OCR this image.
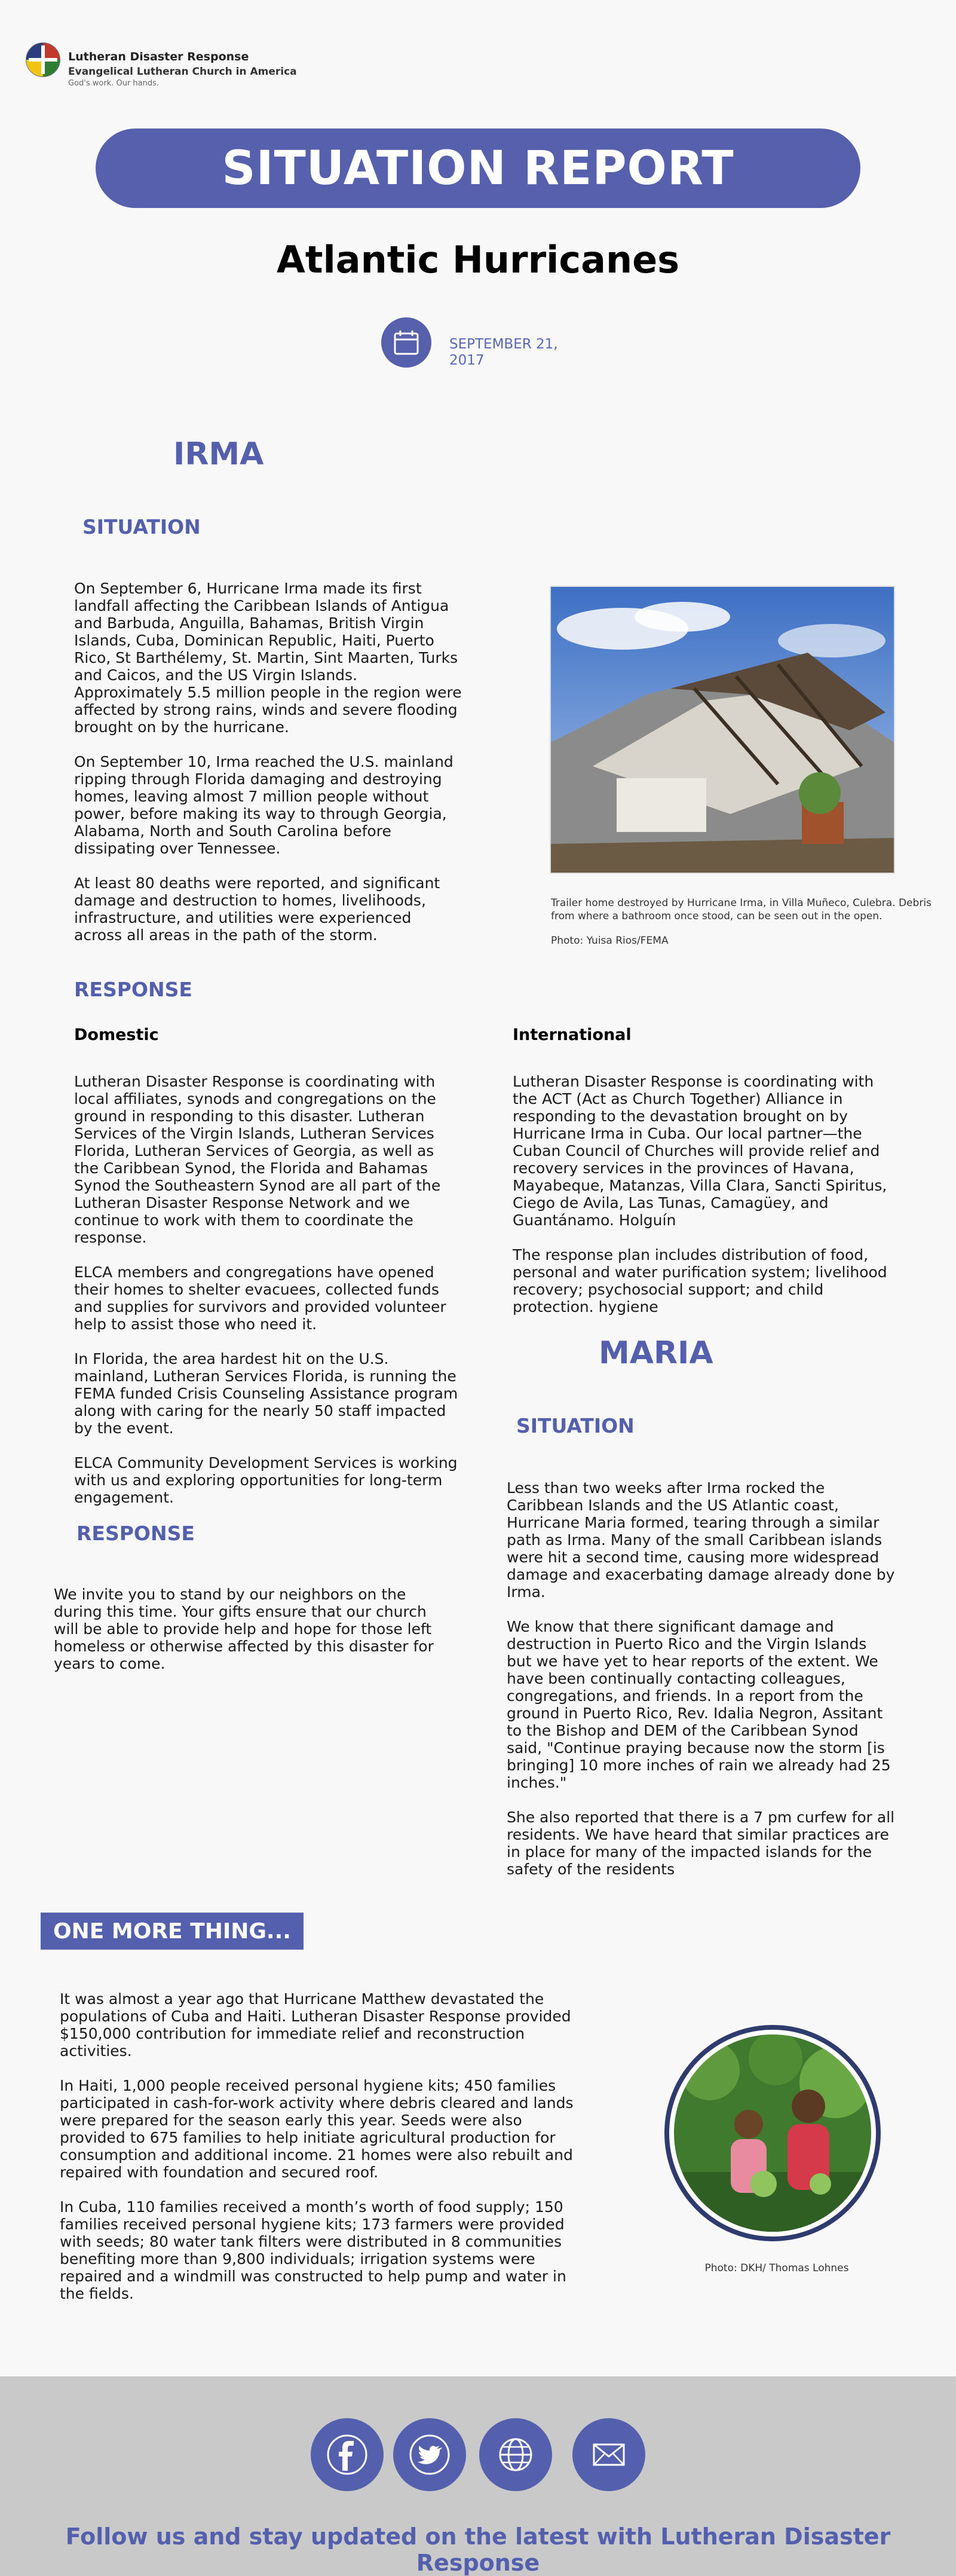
Lutheran Disaster Response
Evangelical Lutheran Church in America
God's work. Our hands.
SITUATION REPORT
Atlantic Hurricanes
SEPTEMBER 21,
2017
IRMA
SITUATION

On September 6, Hurricane Irma made its first landfall affecting the Caribbean Islands of Antigua and Barbuda, Anguilla, Bahamas, British Virgin Islands, Cuba, Dominican Republic, Haiti, Puerto Rico, St Barthélemy, St. Martin, Sint Maarten, Turks and Caicos, and the US Virgin Islands. Approximately 5.5 million people in the region were affected by strong rains, winds and severe flooding brought on by the hurricane.

On September 10, Irma reached the U.S. mainland ripping through Florida damaging and destroying homes, leaving almost 7 million people without power, before making its way to through Georgia, Alabama, North and South Carolina before dissipating over Tennessee.

At least 80 deaths were reported, and significant damage and destruction to homes, livelihoods, infrastructure, and utilities were experienced across all areas in the path of the storm.

Trailer home destroyed by Hurricane Irma, in Villa Muñeco, Culebra. Debris from where a bathroom once stood, can be seen out in the open.
Photo: Yuisa Rios/FEMA
RESPONSE
Domestic

Lutheran Disaster Response is coordinating with local affiliates, synods and congregations on the ground in responding to this disaster. Lutheran Services of the Virgin Islands, Lutheran Services Florida, Lutheran Services of Georgia, as well as the Caribbean Synod, the Florida and Bahamas Synod the Southeastern Synod are all part of the Lutheran Disaster Response Network and we continue to work with them to coordinate the response.

ELCA members and congregations have opened their homes to shelter evacuees, collected funds and supplies for survivors and provided volunteer help to assist those who need it.

In Florida, the area hardest hit on the U.S. mainland, Lutheran Services Florida, is running the FEMA funded Crisis Counseling Assistance program along with caring for the nearly 50 staff impacted by the event.

ELCA Community Development Services is working with us and exploring opportunities for long-term engagement.

International

Lutheran Disaster Response is coordinating with the ACT (Act as Church Together) Alliance in responding to the devastation brought on by Hurricane Irma in Cuba. Our local partner—the Cuban Council of Churches will provide relief and recovery services in the provinces of Havana, Mayabeque, Matanzas, Villa Clara, Sancti Spiritus, Ciego de Avila, Las Tunas, Camagüey, and Guantánamo. Holguín

The response plan includes distribution of food, personal and water purification system; livelihood recovery; psychosocial support; and child protection. hygiene

MARIA
SITUATION

Less than two weeks after Irma rocked the Caribbean Islands and the US Atlantic coast, Hurricane Maria formed, tearing through a similar path as Irma. Many of the small Caribbean islands were hit a second time, causing more widespread damage and exacerbating damage already done by Irma.

We know that there significant damage and destruction in Puerto Rico and the Virgin Islands but we have yet to hear reports of the extent. We have been continually contacting colleagues, congregations, and friends. In a report from the ground in Puerto Rico, Rev. Idalia Negron, Assitant to the Bishop and DEM of the Caribbean Synod said, "Continue praying because now the storm [is bringing] 10 more inches of rain we already had 25 inches."

She also reported that there is a 7 pm curfew for all residents. We have heard that similar practices are in place for many of the impacted islands for the safety of the residents

RESPONSE

We invite you to stand by our neighbors on the during this time. Your gifts ensure that our church will be able to provide help and hope for those left homeless or otherwise affected by this disaster for years to come.

ONE MORE THING...

It was almost a year ago that Hurricane Matthew devastated the populations of Cuba and Haiti. Lutheran Disaster Response provided $150,000 contribution for immediate relief and reconstruction activities.

In Haiti, 1,000 people received personal hygiene kits; 450 families participated in cash-for-work activity where debris cleared and lands were prepared for the season early this year. Seeds were also provided to 675 families to help initiate agricultural production for consumption and additional income. 21 homes were also rebuilt and repaired with foundation and secured roof.

In Cuba, 110 families received a month’s worth of food supply; 150 families received personal hygiene kits; 173 farmers were provided with seeds; 80 water tank filters were distributed in 8 communities benefiting more than 9,800 individuals; irrigation systems were repaired and a windmill was constructed to help pump and water in the fields.

Photo: DKH/ Thomas Lohnes
Follow us and stay updated on the latest with Lutheran Disaster Response
